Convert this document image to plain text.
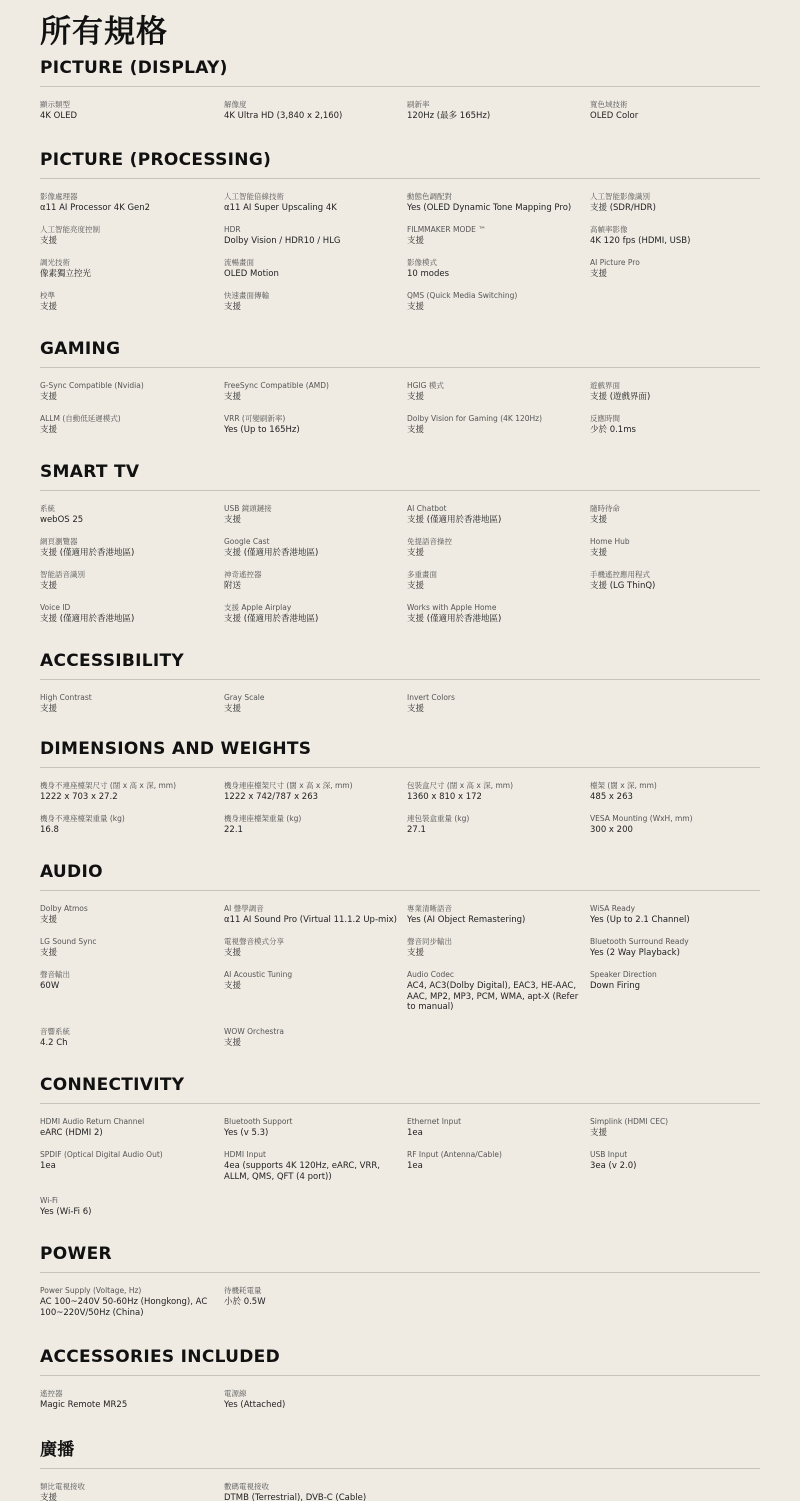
所有規格
PICTURE (DISPLAY)
顯示類型
4K OLED
解像度
4K Ultra HD (3,840 x 2,160)
刷新率
120Hz (最多 165Hz)
寬色域技術
OLED Color
PICTURE (PROCESSING)
影像處理器
α11 AI Processor 4K Gen2
人工智能倍線技術
α11 AI Super Upscaling 4K
動態色調配對
Yes (OLED Dynamic Tone Mapping Pro)
人工智能影像識別
支援 (SDR/HDR)
人工智能亮度控制
支援
HDR
Dolby Vision / HDR10 / HLG
FILMMAKER MODE ™
支援
高幀率影像
4K 120 fps (HDMI, USB)
調光技術
像素獨立控光
流暢畫面
OLED Motion
影像模式
10 modes
AI Picture Pro
支援
校準
支援
快速畫面傳輸
支援
QMS (Quick Media Switching)
支援
GAMING
G-Sync Compatible (Nvidia)
支援
FreeSync Compatible (AMD)
支援
HGIG 模式
支援
遊戲界面
支援 (遊戲界面)
ALLM (自動低延遲模式)
支援
VRR (可變刷新率)
Yes (Up to 165Hz)
Dolby Vision for Gaming (4K 120Hz)
支援
反應時間
少於 0.1ms
SMART TV
系統
webOS 25
USB 鏡頭鏈接
支援
AI Chatbot
支援 (僅適用於香港地區)
隨時待命
支援
網頁瀏覽器
支援 (僅適用於香港地區)
Google Cast
支援 (僅適用於香港地區)
免提語音操控
支援
Home Hub
支援
智能語音識別
支援
神奇遙控器
附送
多重畫面
支援
手機遙控應用程式
支援 (LG ThinQ)
Voice ID
支援 (僅適用於香港地區)
支援 Apple Airplay
支援 (僅適用於香港地區)
Works with Apple Home
支援 (僅適用於香港地區)
ACCESSIBILITY
High Contrast
支援
Gray Scale
支援
Invert Colors
支援
DIMENSIONS AND WEIGHTS
機身不連座檯架尺寸 (闊 x 高 x 深, mm)
1222 x 703 x 27.2
機身連座檯架尺寸 (闊 x 高 x 深, mm)
1222 x 742/787 x 263
包裝盒尺寸 (闊 x 高 x 深, mm)
1360 x 810 x 172
檯架 (闊 x 深, mm)
485 x 263
機身不連座檯架重量 (kg)
16.8
機身連座檯架重量 (kg)
22.1
連包裝盒重量 (kg)
27.1
VESA Mounting (WxH, mm)
300 x 200
AUDIO
Dolby Atmos
支援
AI 聲學調音
α11 AI Sound Pro (Virtual 11.1.2 Up-mix)
專業清晰語音
Yes (AI Object Remastering)
WiSA Ready
Yes (Up to 2.1 Channel)
LG Sound Sync
支援
電視聲音模式分享
支援
聲音同步輸出
支援
Bluetooth Surround Ready
Yes (2 Way Playback)
聲音輸出
60W
AI Acoustic Tuning
支援
Audio Codec
AC4, AC3(Dolby Digital), EAC3, HE-AAC, AAC, MP2, MP3, PCM, WMA, apt-X (Refer to manual)
Speaker Direction
Down Firing
音響系統
4.2 Ch
WOW Orchestra
支援
CONNECTIVITY
HDMI Audio Return Channel
eARC (HDMI 2)
Bluetooth Support
Yes (v 5.3)
Ethernet Input
1ea
Simplink (HDMI CEC)
支援
SPDIF (Optical Digital Audio Out)
1ea
HDMI Input
4ea (supports 4K 120Hz, eARC, VRR, ALLM, QMS, QFT (4 port))
RF Input (Antenna/Cable)
1ea
USB Input
3ea (v 2.0)
Wi-Fi
Yes (Wi-Fi 6)
POWER
Power Supply (Voltage, Hz)
AC 100~240V 50-60Hz (Hongkong), AC 100~220V/50Hz (China)
待機耗電量
小於 0.5W
ACCESSORIES INCLUDED
遙控器
Magic Remote MR25
電源線
Yes (Attached)
廣播
類比電視接收
支援
數碼電視接收
DTMB (Terrestrial), DVB-C (Cable)
